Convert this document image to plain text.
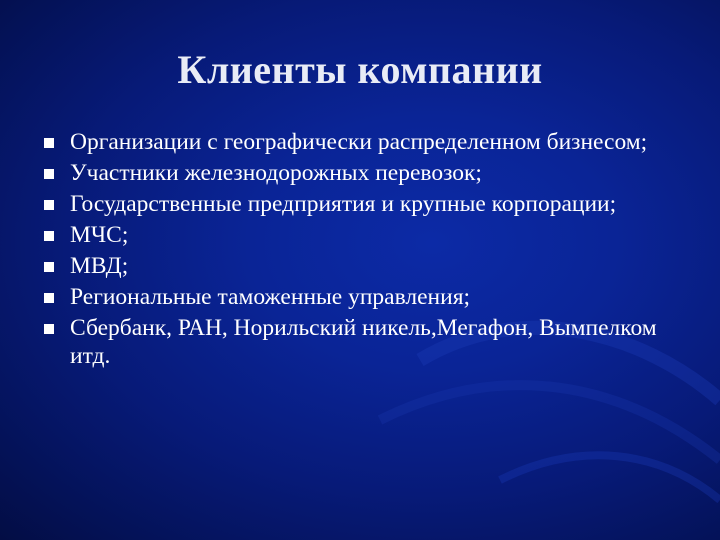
Клиенты компании
Организации с географически распределенном бизнесом;
Участники железнодорожных перевозок;
Государственные предприятия и крупные корпорации;
МЧС;
МВД;
Региональные таможенные управления;
Сбербанк, РАН, Норильский никель,Мегафон, Вымпелком итд.
